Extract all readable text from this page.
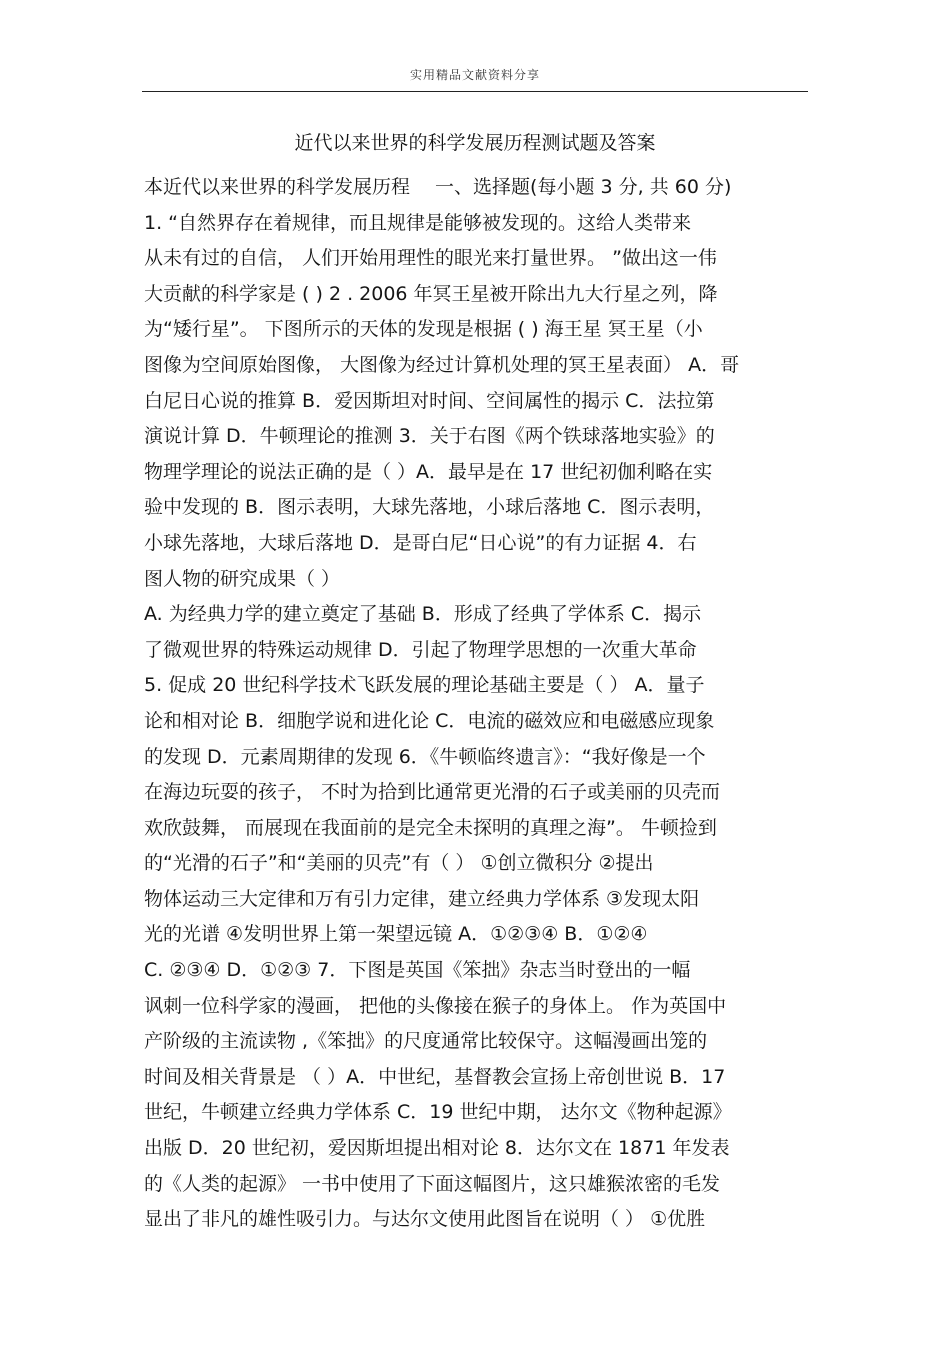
实用精品文献资料分享
近代以来世界的科学发展历程测试题及答案
本近代以来世界的科学发展历程　 一、选择题(每小题 3 分, 共 60 分)
1. “自然界存在着规律，而且规律是能够被发现的。这给人类带来
从未有过的自信， 人们开始用理性的眼光来打量世界。 ”做出这一伟
大贡献的科学家是 ( ) 2 . 2006 年冥王星被开除出九大行星之列，降
为“矮行星”。 下图所示的天体的发现是根据 ( ) 海王星 冥王星（小
图像为空间原始图像， 大图像为经过计算机处理的冥王星表面） A．哥
白尼日心说的推算 B．爱因斯坦对时间、空间属性的揭示 C．法拉第
演说计算 D．牛顿理论的推测 3．关于右图《两个铁球落地实验》的
物理学理论的说法正确的是（ ）A．最早是在 17 世纪初伽利略在实
验中发现的 B．图示表明，大球先落地，小球后落地 C．图示表明，
小球先落地，大球后落地 D．是哥白尼“日心说”的有力证据 4．右
图人物的研究成果（ ）
A. 为经典力学的建立奠定了基础 B．形成了经典了学体系 C．揭示
了微观世界的特殊运动规律 D．引起了物理学思想的一次重大革命
5. 促成 20 世纪科学技术飞跃发展的理论基础主要是（ ） A．量子
论和相对论 B．细胞学说和进化论 C．电流的磁效应和电磁感应现象
的发现 D．元素周期律的发现 6．《牛顿临终遗言》：“我好像是一个
在海边玩耍的孩子， 不时为拾到比通常更光滑的石子或美丽的贝壳而
欢欣鼓舞， 而展现在我面前的是完全未探明的真理之海”。 牛顿捡到
的“光滑的石子”和“美丽的贝壳”有（ ） ①创立微积分 ②提出
物体运动三大定律和万有引力定律，建立经典力学体系 ③发现太阳
光的光谱 ④发明世界上第一架望远镜 A．①②③④ B．①②④
C. ②③④ D．①②③ 7．下图是英国《笨拙》杂志当时登出的一幅
讽刺一位科学家的漫画， 把他的头像接在猴子的身体上。 作为英国中
产阶级的主流读物 ,《笨拙》的尺度通常比较保守。这幅漫画出笼的
时间及相关背景是 （ ）A．中世纪，基督教会宣扬上帝创世说 B．17
世纪，牛顿建立经典力学体系 C．19 世纪中期， 达尔文《物种起源》
出版 D．20 世纪初，爱因斯坦提出相对论 8．达尔文在 1871 年发表
的《人类的起源》 一书中使用了下面这幅图片，这只雄猴浓密的毛发
显出了非凡的雄性吸引力。与达尔文使用此图旨在说明（ ） ①优胜
